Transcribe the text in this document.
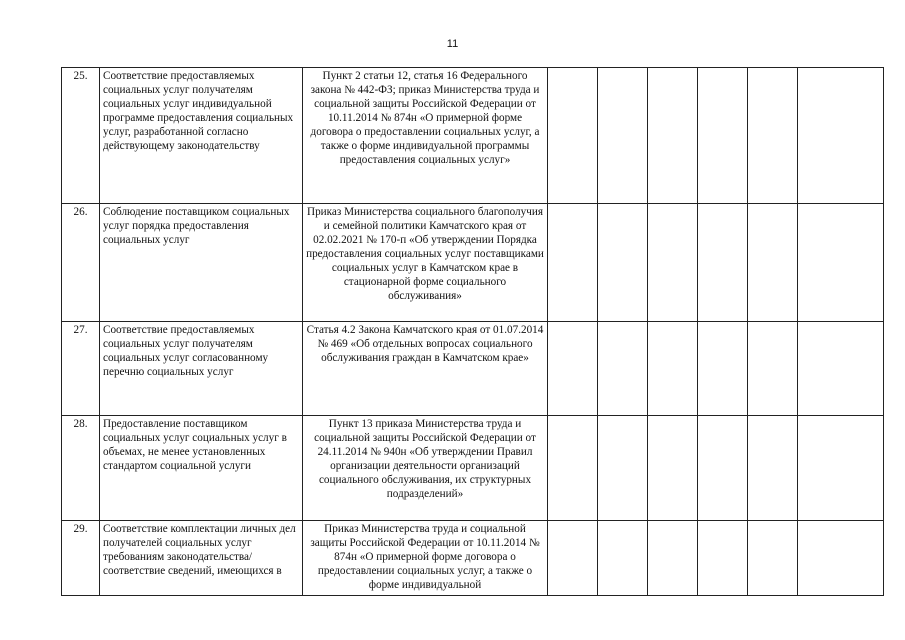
11
25.	Соответствие предоставляемых социальных услуг получателям социальных услуг индивидуальной программе предоставления социальных услуг, разработанной согласно действующему законодательству	Пункт 2 статьи 12, статья 16 Федерального закона № 442-ФЗ; приказ Министерства труда и социальной защиты Российской Федерации от 10.11.2014 № 874н «О примерной форме договора о предоставлении социальных услуг, а также о форме индивидуальной программы предоставления социальных услуг»						
26.	Соблюдение поставщиком социальных услуг порядка предоставления социальных услуг	Приказ Министерства социального благополучия и семейной политики Камчатского края от 02.02.2021 № 170-п «Об утверждении Порядка предоставления социальных услуг поставщиками социальных услуг в Камчатском крае в стационарной форме социального обслуживания»						
27.	Соответствие предоставляемых социальных услуг получателям социальных услуг согласованному перечню социальных услуг	Статья 4.2 Закона Камчатского края от 01.07.2014 № 469 «Об отдельных вопросах социального обслуживания граждан в Камчатском крае»						
28.	Предоставление поставщиком социальных услуг социальных услуг в объемах, не менее установленных стандартом социальной услуги	Пункт 13 приказа Министерства труда и социальной защиты Российской Федерации от 24.11.2014 № 940н «Об утверждении Правил организации деятельности организаций социального обслуживания, их структурных подразделений»						
29.	Соответствие комплектации личных дел получателей социальных услуг требованиям законодательства/соответствие сведений, имеющихся в	Приказ Министерства труда и социальной защиты Российской Федерации от 10.11.2014 № 874н «О примерной форме договора о предоставлении социальных услуг, а также о форме индивидуальной						
